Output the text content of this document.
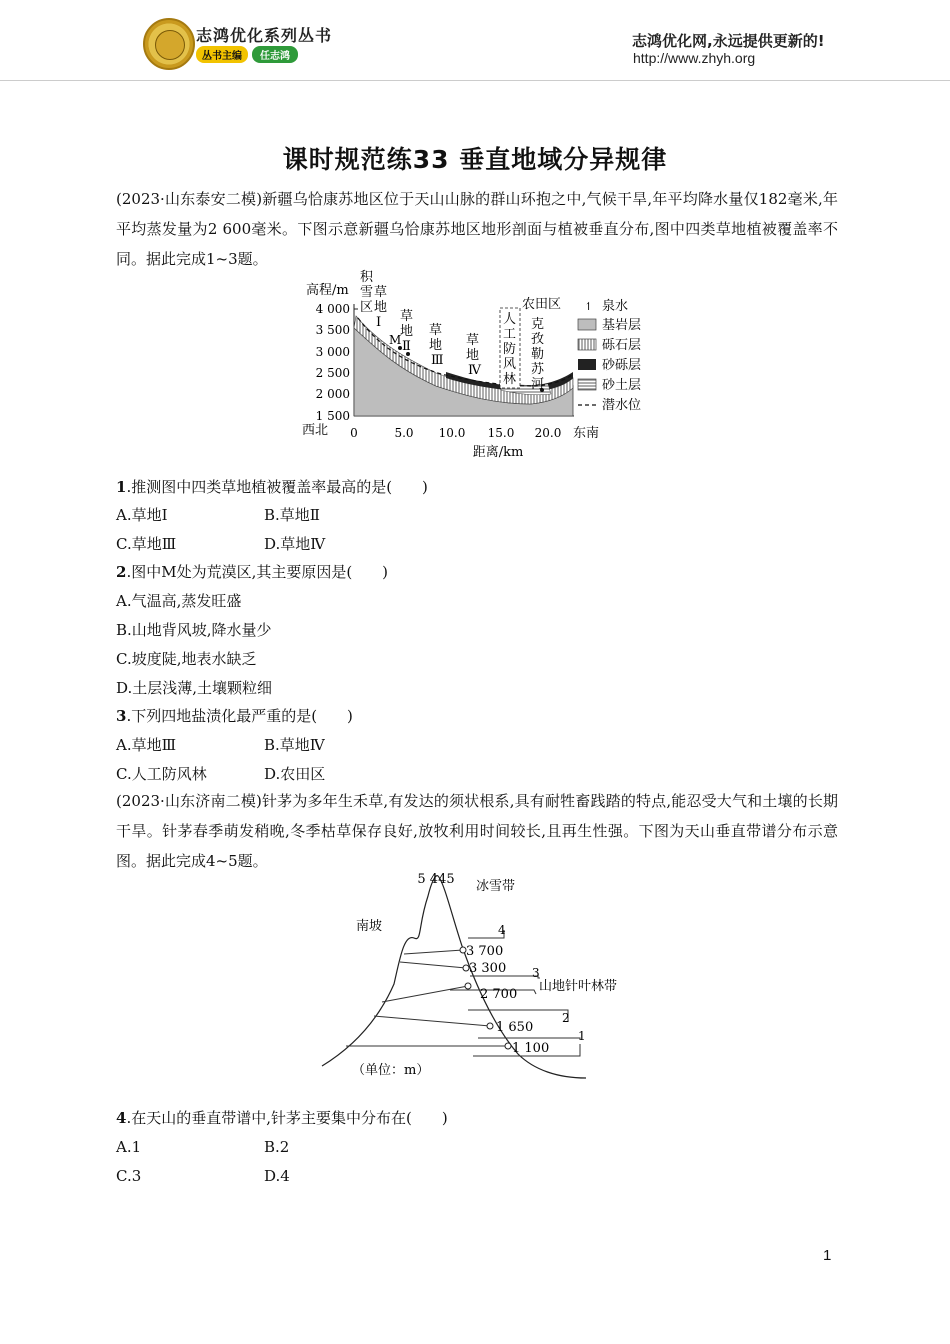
志鸿优化系列丛书
丛书主编	任志鸿
志鸿优化网,永远提供更新的!
http://www.zhyh.org
课时规范练33 垂直地域分异规律
(2023·山东泰安二模)新疆乌恰康苏地区位于天山山脉的群山环抱之中,气候干旱,年平均降水量仅182毫米,年平均蒸发量为2 600毫米。下图示意新疆乌恰康苏地区地形剖面与植被垂直分布,图中四类草地植被覆盖率不同。据此完成1~3题。
高程/m
4 000
3 500
3 000
2 500
2 000
1 500
0	5.0 10.0 15.0 20.0
西北	东南
距离/km
积
雪
区
草
地
Ⅰ
M
草
地
Ⅱ
草
地
Ⅲ
草
地
Ⅳ
人
工
防
风
林
农田区
克
孜
勒
苏
河
↿ 泉水
基岩层
砾石层
砂砾层
砂土层
潜水位
1.推测图中四类草地植被覆盖率最高的是(　　)
A.草地Ⅰ	B.草地Ⅱ
C.草地Ⅲ	D.草地Ⅳ
2.图中M处为荒漠区,其主要原因是(　　)
A.气温高,蒸发旺盛
B.山地背风坡,降水量少
C.坡度陡,地表水缺乏
D.土层浅薄,土壤颗粒细
3.下列四地盐渍化最严重的是(　　)
A.草地Ⅲ	B.草地Ⅳ
C.人工防风林	D.农田区
(2023·山东济南二模)针茅为多年生禾草,有发达的须状根系,具有耐牲畜践踏的特点,能忍受大气和土壤的长期干旱。针茅春季萌发稍晚,冬季枯草保存良好,放牧利用时间较长,且再生性强。下图为天山垂直带谱分布示意图。据此完成4~5题。
5 445 冰雪带
南坡	4
3 700
3 300 3
山地针叶林带
2 700
2
1 650
1
1 100
（单位：m）
4.在天山的垂直带谱中,针茅主要集中分布在(　　)
A.1	B.2
C.3	D.4
1
